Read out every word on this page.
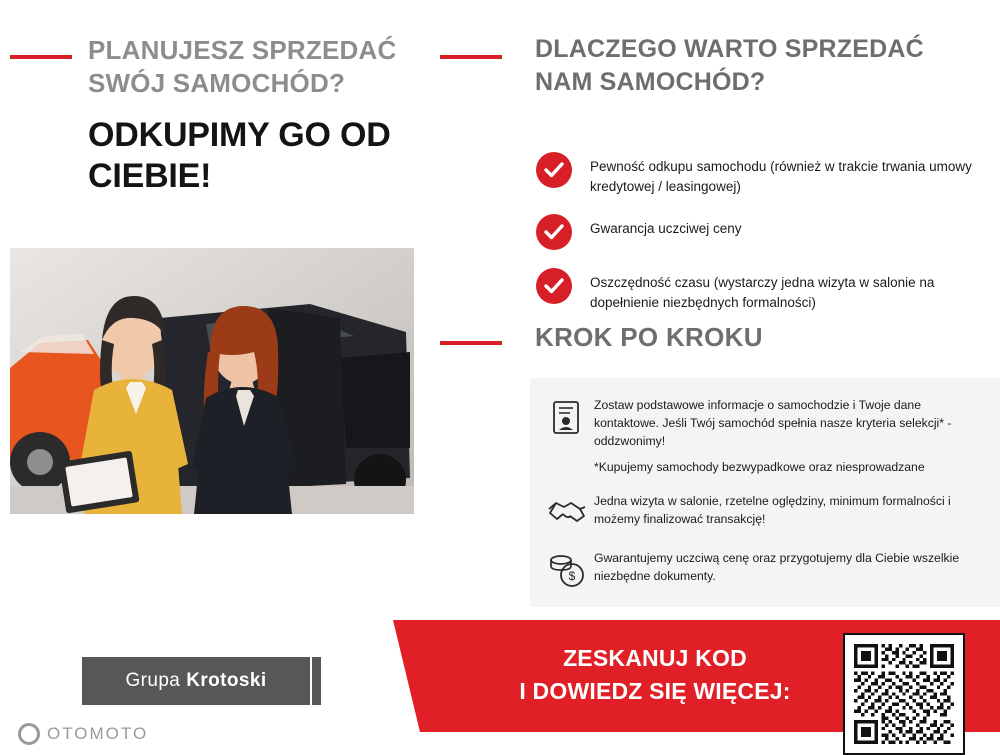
PLANUJESZ SPRZEDAĆ SWÓJ SAMOCHÓD?
ODKUPIMY GO OD CIEBIE!
DLACZEGO WARTO SPRZEDAĆ NAM SAMOCHÓD?
Pewność odkupu samochodu (również w trakcie trwania umowy kredytowej / leasingowej)
Gwarancja uczciwej ceny
Oszczędność czasu (wystarczy jedna wizyta w salonie na dopełnienie niezbędnych formalności)
KROK PO KROKU
Zostaw podstawowe informacje o samochodzie i Twoje dane kontaktowe. Jeśli Twój samochód spełnia nasze kryteria selekcji* - oddzwonimy!
*Kupujemy samochody bezwypadkowe oraz niesprowadzane
Jedna wizyta w salonie, rzetelne oględziny, minimum formalności i możemy finalizować transakcję!
$
Gwarantujemy uczciwą cenę oraz przygotujemy dla Ciebie wszelkie niezbędne dokumenty.
ZESKANUJ KOD
I DOWIEDZ SIĘ WIĘCEJ:
Grupa Krotoski
OTOMOTO
